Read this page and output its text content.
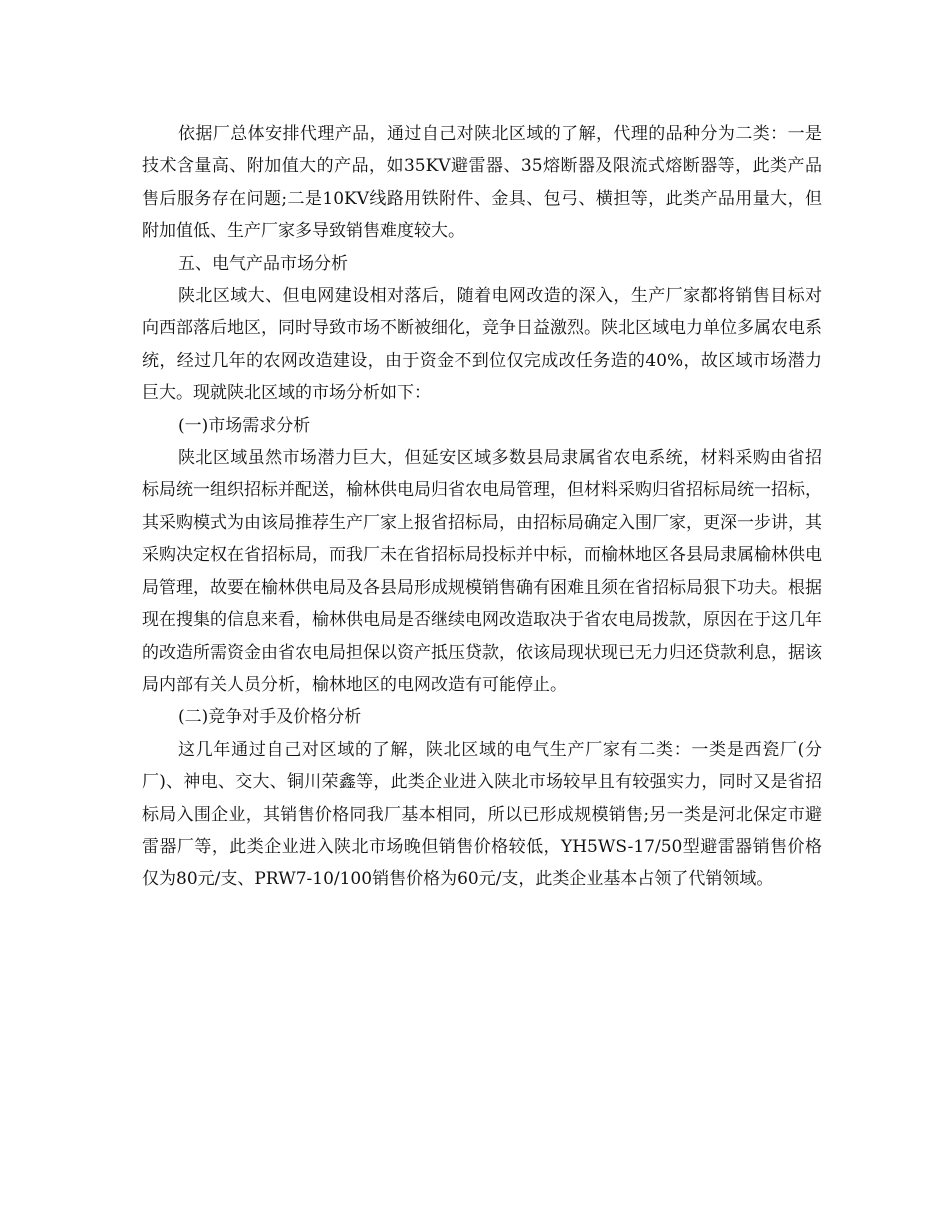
依据厂总体安排代理产品，通过自己对陕北区域的了解，代理的品种分为二类：一是技术含量高、附加值大的产品，如35KV避雷器、35熔断器及限流式熔断器等，此类产品售后服务存在问题;二是10KV线路用铁附件、金具、包弓、横担等，此类产品用量大，但附加值低、生产厂家多导致销售难度较大。

五、电气产品市场分析

陕北区域大、但电网建设相对落后，随着电网改造的深入，生产厂家都将销售目标对向西部落后地区，同时导致市场不断被细化，竞争日益激烈。陕北区域电力单位多属农电系统，经过几年的农网改造建设，由于资金不到位仅完成改任务造的40%，故区域市场潜力巨大。现就陕北区域的市场分析如下：

(一)市场需求分析

陕北区域虽然市场潜力巨大，但延安区域多数县局隶属省农电系统，材料采购由省招标局统一组织招标并配送，榆林供电局归省农电局管理，但材料采购归省招标局统一招标，其采购模式为由该局推荐生产厂家上报省招标局，由招标局确定入围厂家，更深一步讲，其采购决定权在省招标局，而我厂未在省招标局投标并中标，而榆林地区各县局隶属榆林供电局管理，故要在榆林供电局及各县局形成规模销售确有困难且须在省招标局狠下功夫。根据现在搜集的信息来看，榆林供电局是否继续电网改造取决于省农电局拨款，原因在于这几年的改造所需资金由省农电局担保以资产抵压贷款，依该局现状现已无力归还贷款利息，据该局内部有关人员分析，榆林地区的电网改造有可能停止。

(二)竞争对手及价格分析

这几年通过自己对区域的了解，陕北区域的电气生产厂家有二类：一类是西瓷厂(分厂)、神电、交大、铜川荣鑫等，此类企业进入陕北市场较早且有较强实力，同时又是省招标局入围企业，其销售价格同我厂基本相同，所以已形成规模销售;另一类是河北保定市避雷器厂等，此类企业进入陕北市场晚但销售价格较低，YH5WS-17/50型避雷器销售价格仅为80元/支、PRW7-10/100销售价格为60元/支，此类企业基本占领了代销领域。
